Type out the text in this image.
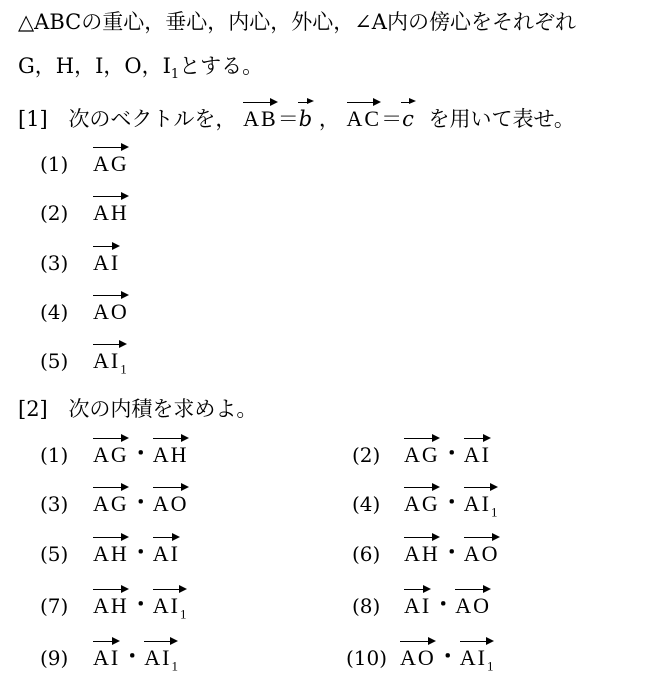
△ABCの重心，垂心，内心，外心，∠A内の傍心をそれぞれ
G，H，I，O，$I_1$とする。
[1] 次のベクトルを， AB＝b ， AC＝c を用いて表せ。
(1) AG
(2) AH
(3) AI
(4) AO
(5) $AI_1$
[2] 次の内積を求めよ。
(1) AG ・AH
(3) AG ・AO
(5) AH ・AI
(7) AH ・$AI_1$
(9) AI ・$AI_1$
(2) AG ・AI
(4) AG ・$AI_1$
(6) AH ・AO
(8) AI ・AO
(10) AO ・$AI_1$
